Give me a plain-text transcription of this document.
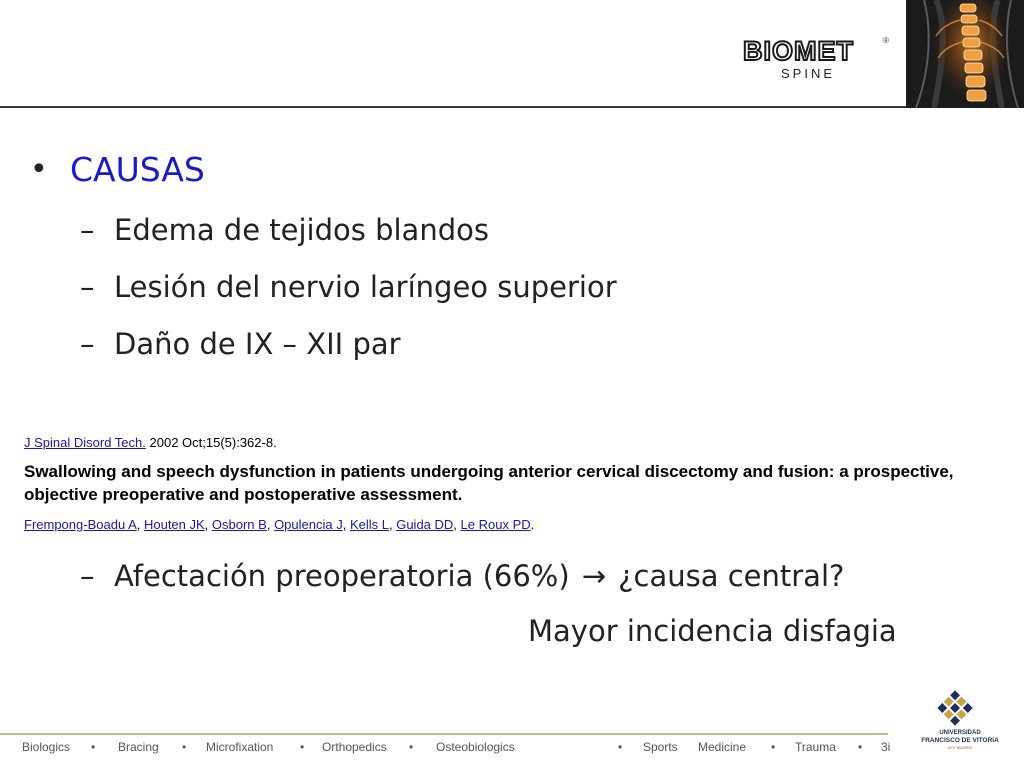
BIOMET	®
SPINE
• CAUSAS
– Edema de tejidos blandos
– Lesión del nervio laríngeo superior
– Daño de IX – XII par
J Spinal Disord Tech. 2002 Oct;15(5):362-8.
Swallowing and speech dysfunction in patients undergoing anterior cervical discectomy and fusion: a prospective, objective preoperative and postoperative assessment.
Frempong-Boadu A, Houten JK, Osborn B, Opulencia J, Kells L, Guida DD, Le Roux PD.
– Afectación preoperatoria (66%) → ¿causa central?
Mayor incidencia disfagia
Biologics • Bracing • Microfixation • Orthopedics • Osteobiologics	• Sports Medicine • Trauma • 3i
UNIVERSIDAD
FRANCISCO DE VITORIA
UFV MADRID
